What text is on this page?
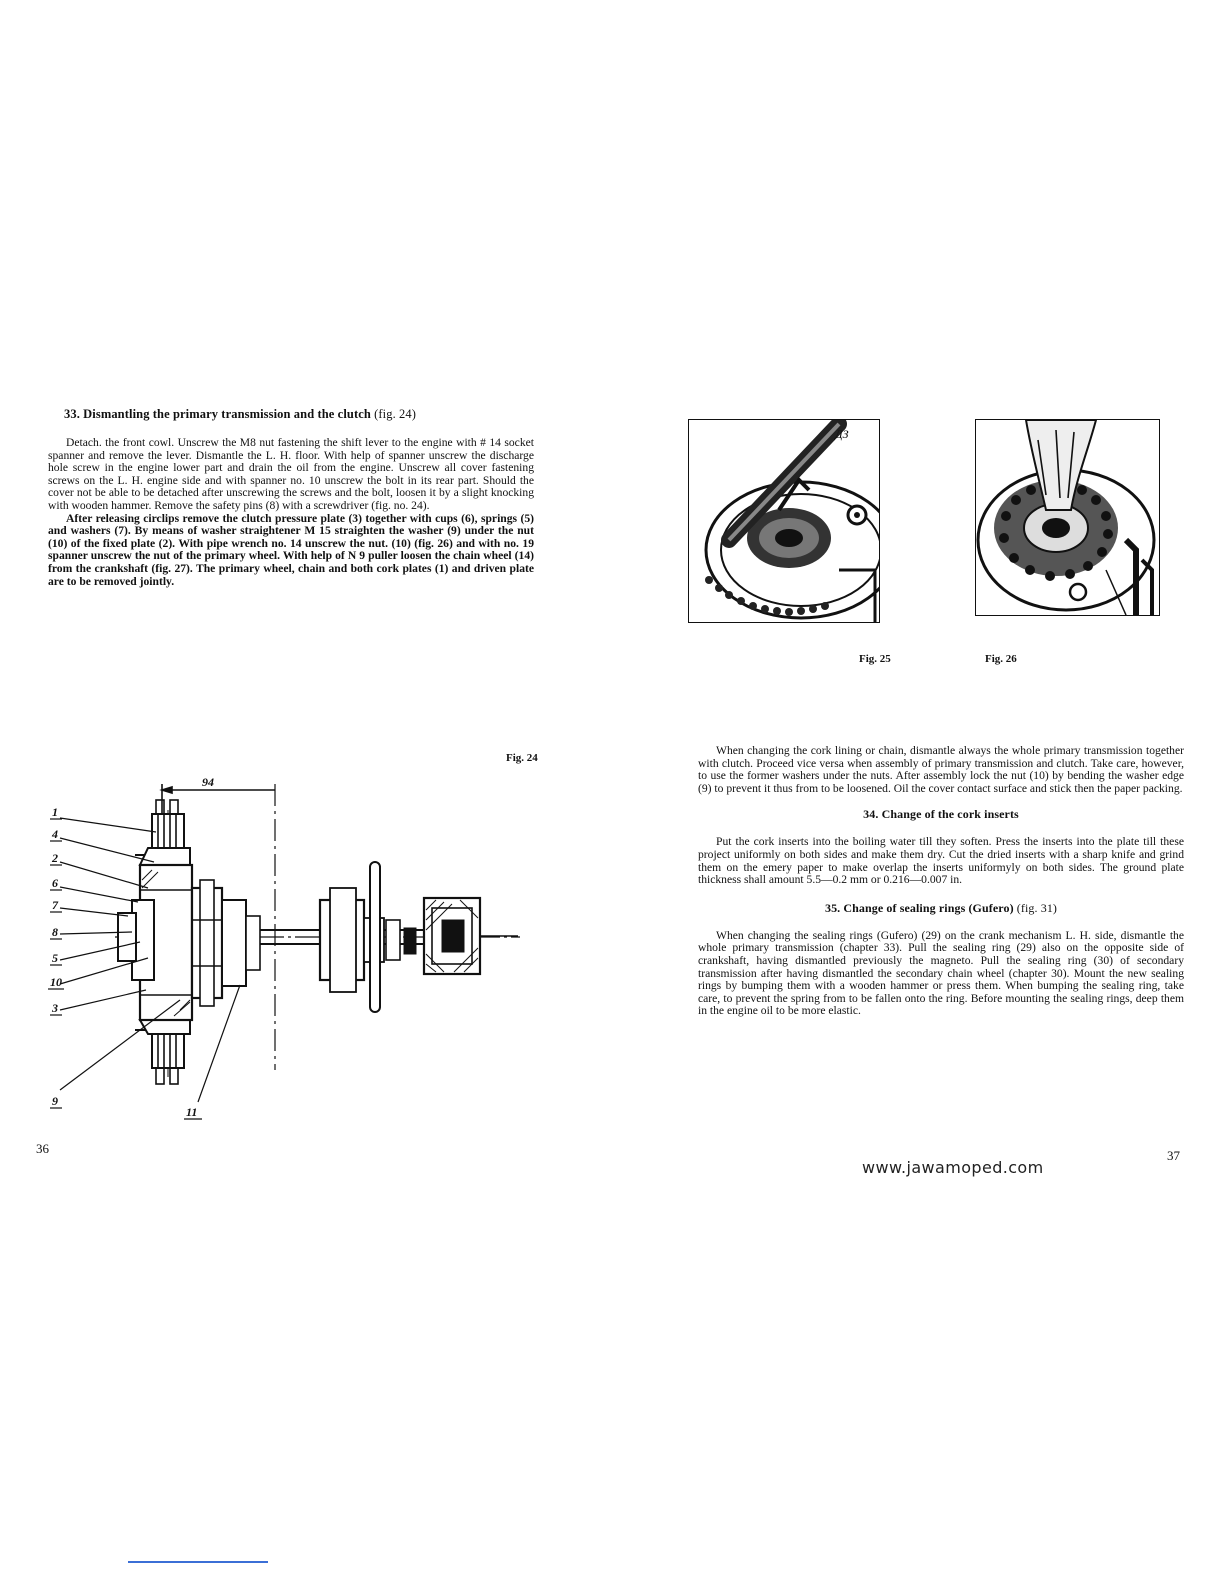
33. Dismantling the primary transmission and the clutch (fig. 24)

Detach. the front cowl. Unscrew the M8 nut fastening the shift lever to the engine with # 14 socket spanner and remove the lever. Dismantle the L. H. floor. With help of spanner unscrew the discharge hole screw in the engine lower part and drain the oil from the engine. Unscrew all cover fastening screws on the L. H. engine side and with spanner no. 10 unscrew the bolt in its rear part. Should the cover not be able to be detached after unscrewing the screws and the bolt, loosen it by a slight knocking with wooden hammer. Remove the safety pins (8) with a screwdriver (fig. no. 24).

After releasing circlips remove the clutch pressure plate (3) together with cups (6), springs (5) and washers (7). By means of washer straightener M 15 straighten the washer (9) under the nut (10) of the fixed plate (2). With pipe wrench no. 14 unscrew the nut. (10) (fig. 26) and with no. 19 spanner unscrew the nut of the primary wheel. With help of N 9 puller loosen the chain wheel (14) from the crankshaft (fig. 27). The primary wheel, chain and both cork plates (1) and driven plate are to be removed jointly.

Fig. 24
94
1
4
2
6
7
8
5
10
3
9
11
36
ДЗ
Fig. 25	Fig. 26

When changing the cork lining or chain, dismantle always the whole primary transmission together with clutch. Proceed vice versa when assembly of primary transmission and clutch. Take care, however, to use the former washers under the nuts. After assembly lock the nut (10) by bending the washer edge (9) to prevent it thus from to be loosened. Oil the cover contact surface and stick then the paper packing.

34. Change of the cork inserts

Put the cork inserts into the boiling water till they soften. Press the inserts into the plate till these project uniformly on both sides and make them dry. Cut the dried inserts with a sharp knife and grind them on the emery paper to make overlap the inserts uniformyly on both sides. The ground plate thickness shall amount 5.5—0.2 mm or 0.216—0.007 in.

35. Change of sealing rings (Gufero) (fig. 31)

When changing the sealing rings (Gufero) (29) on the crank mechanism L. H. side, dismantle the whole primary transmission (chapter 33). Pull the sealing ring (29) also on the opposite side of crankshaft, having dismantled previously the magneto. Pull the sealing ring (30) of secondary transmission after having dismantled the secondary chain wheel (chapter 30). Mount the new sealing rings by bumping them with a wooden hammer or press them. When bumping the sealing ring, take care, to prevent the spring from to be fallen onto the ring. Before mounting the sealing rings, deep them in the engine oil to be more elastic.

37
www.jawamoped.com
